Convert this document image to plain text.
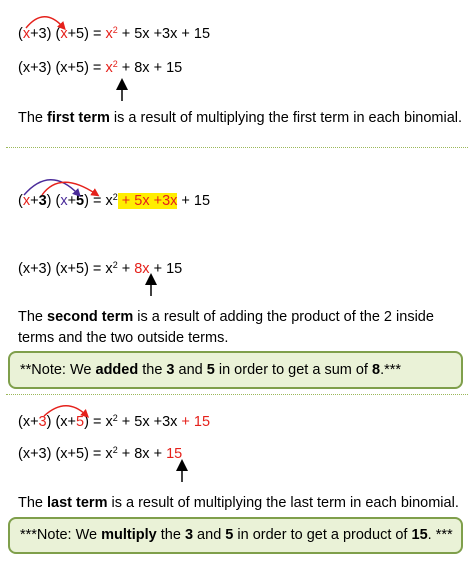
(x+3) $(x+5) = x^2 + 5x +3x + 15$
(x+3) $(x+5) = x^2 + 8x + 15$
The first term is a result of multiplying the first term in each binomial.
(x+3) $(x+5) = x^2 + 5x +3x + 15$
(x+3) $(x+5) = x^2 + 8x + 15$
The second term is a result of adding the product of the 2 inside
terms and the two outside terms.
**Note: We added the 3 and 5 in order to get a sum of 8.***
(x+3) $(x+5) = x^2 + 5x +3x + 15$
(x+3) $(x+5) = x^2 + 8x + 15$
The last term is a result of multiplying the last term in each binomial.
***Note: We multiply the 3 and 5 in order to get a product of 15. ***
